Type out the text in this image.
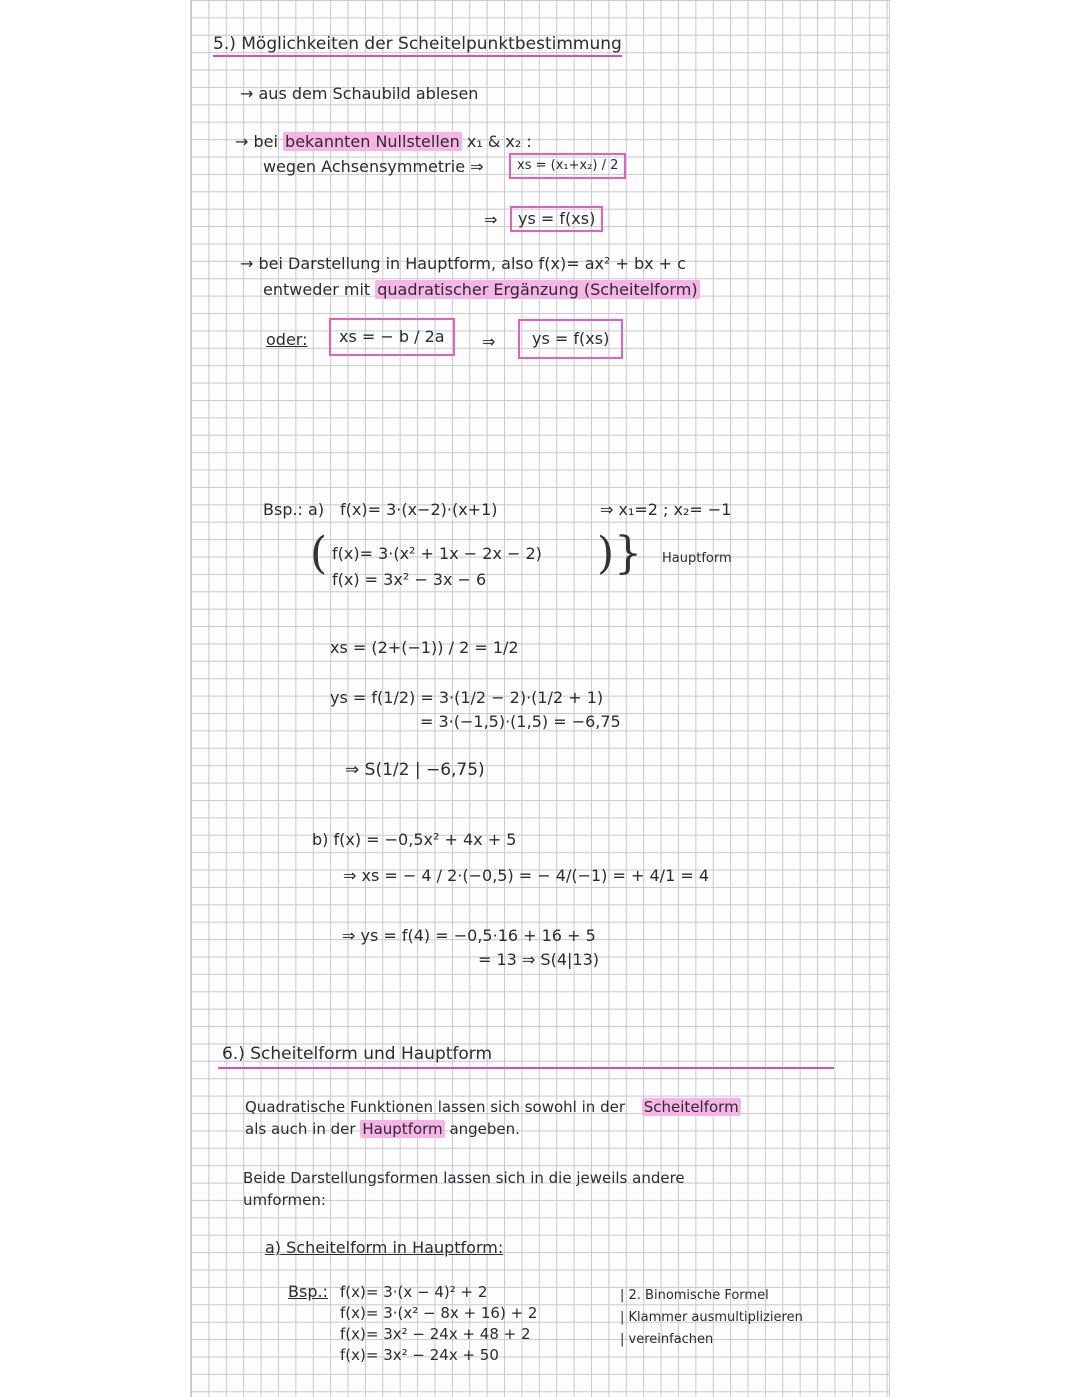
5.) Möglichkeiten der Scheitelpunktbestimmung
→ aus dem Schaubild ablesen
→ bei bekannten Nullstellen x₁ & x₂ :
wegen Achsensymmetrie ⇒	xs = (x₁+x₂) / 2
⇒	ys = f(xs)
→ bei Darstellung in Hauptform, also f(x)= ax² + bx + c
entweder mit quadratischer Ergänzung (Scheitelform)
oder:	xs = − b / 2a	⇒	ys = f(xs)
Bsp.: a) f(x)= 3·(x−2)·(x+1)	⇒ x₁=2 ; x₂= −1
( f(x)= 3·(x² + 1x − 2x − 2)
f(x) = 3x² − 3x − 6
)} Hauptform
xs = (2+(−1)) / 2 = 1/2
ys = f(1/2) = 3·(1/2 − 2)·(1/2 + 1)
= 3·(−1,5)·(1,5) = −6,75
⇒ S(1/2 | −6,75)
b) f(x) = −0,5x² + 4x + 5
⇒ xs = − 4 / 2·(−0,5) = − 4/(−1) = + 4/1 = 4
⇒ ys = f(4) = −0,5·16 + 16 + 5
= 13 ⇒ S(4|13)
6.) Scheitelform und Hauptform
Quadratische Funktionen lassen sich sowohl in der Scheitelform
als auch in der Hauptform angeben.
Beide Darstellungsformen lassen sich in die jeweils andere
umformen:
a) Scheitelform in Hauptform:
Bsp.: f(x)= 3·(x − 4)² + 2
f(x)= 3·(x² − 8x + 16) + 2
f(x)= 3x² − 24x + 48 + 2
f(x)= 3x² − 24x + 50
| 2. Binomische Formel
| Klammer ausmultiplizieren
| vereinfachen
